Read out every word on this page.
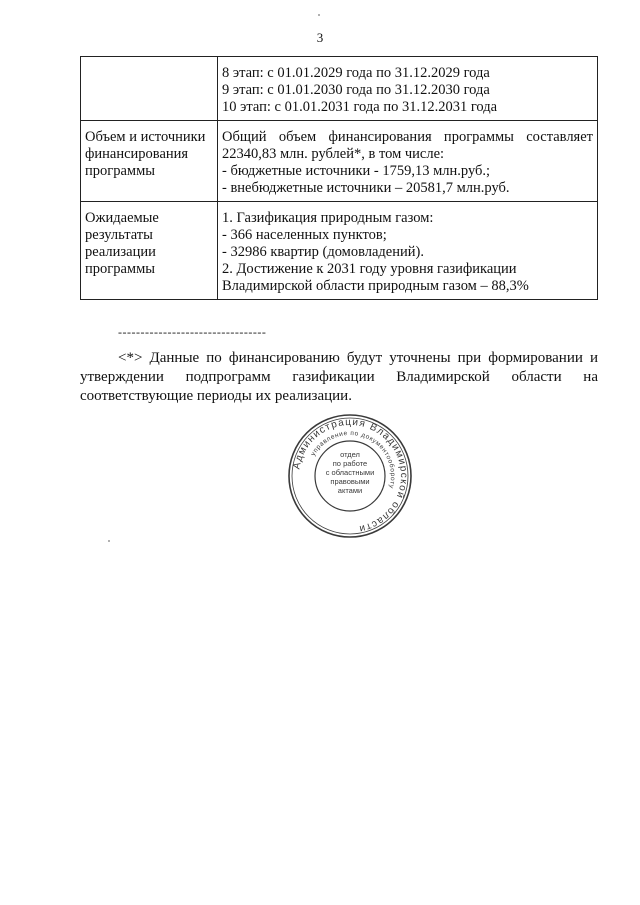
3

	8 этап: с 01.01.2029 года по 31.12.2029 года
9 этап: с 01.01.2030 года по 31.12.2030 года
10 этап: с 01.01.2031 года по 31.12.2031 года

Объем и источники
финансирования
программы	Общий объем финансирования программы составляет
22340,83 млн. рублей*, в том числе:
- бюджетные источники - 1759,13 млн.руб.;
- внебюджетные источники – 20581,7 млн.руб.

Ожидаемые
результаты
реализации
программы	1. Газификация природным газом:
- 366 населенных пунктов;
- 32986 квартир (домовладений).
2. Достижение к 2031 году уровня газификации
Владимирской области природным газом – 88,3%
---------------------------------
<*> Данные по финансированию будут уточнены при формировании и
утверждении подпрограмм газификации Владимирской области на
соответствующие периоды их реализации.
Администрация Владимирской области
управление по документообороту
отдел
по работе
с областными
правовыми
актами
